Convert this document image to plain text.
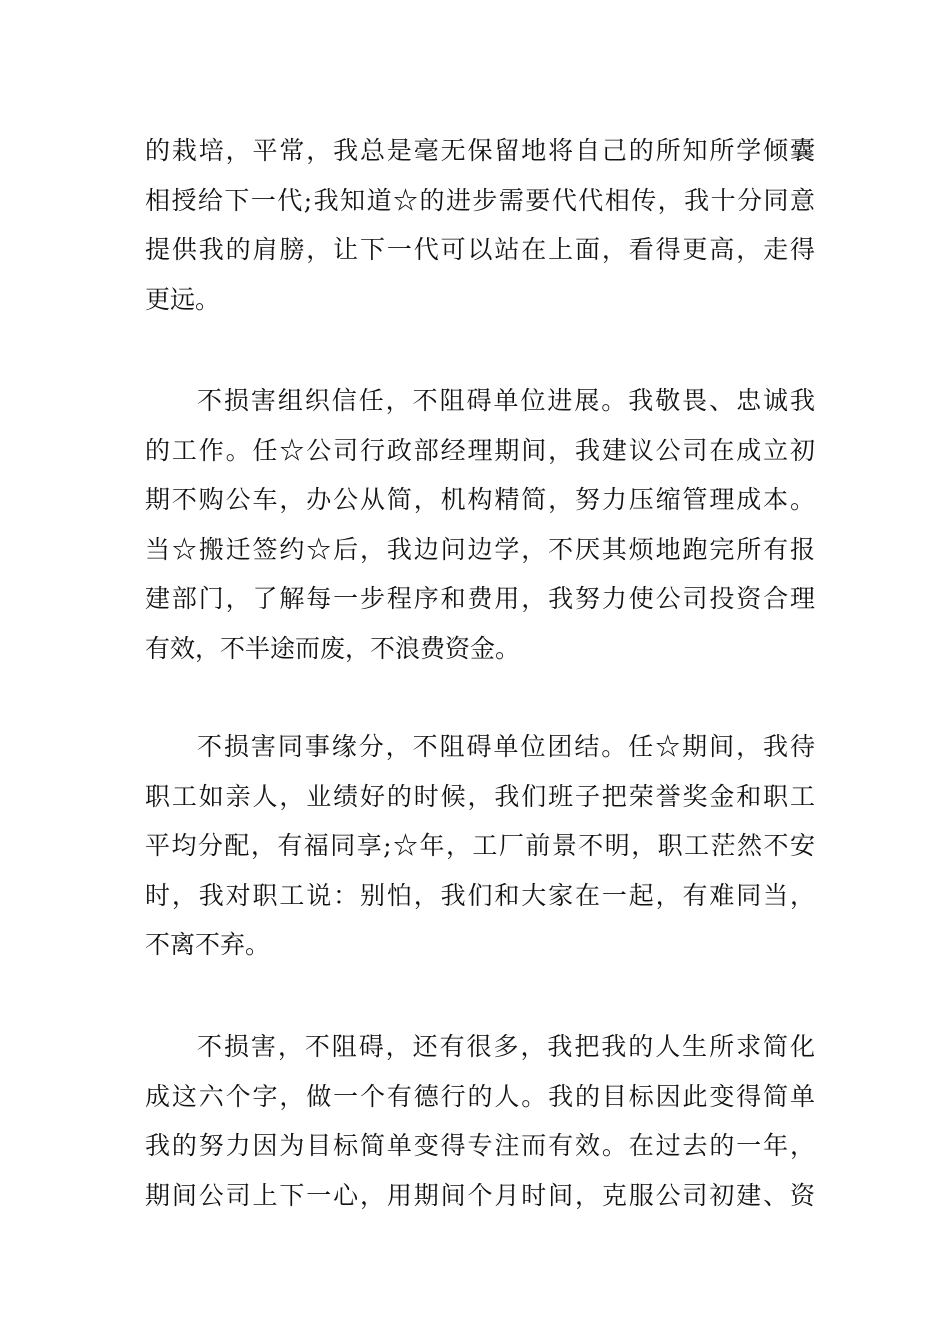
的栽培，平常，我总是毫无保留地将自己的所知所学倾囊
相授给下一代;我知道☆的进步需要代代相传，我十分同意
提供我的肩膀，让下一代可以站在上面，看得更高，走得
更远。
不损害组织信任，不阻碍单位进展。我敬畏、忠诚我
的工作。任☆公司行政部经理期间，我建议公司在成立初
期不购公车，办公从简，机构精简，努力压缩管理成本。
当☆搬迁签约☆后，我边问边学，不厌其烦地跑完所有报
建部门，了解每一步程序和费用，我努力使公司投资合理
有效，不半途而废，不浪费资金。
不损害同事缘分，不阻碍单位团结。任☆期间，我待
职工如亲人，业绩好的时候，我们班子把荣誉奖金和职工
平均分配，有福同享;☆年，工厂前景不明，职工茫然不安
时，我对职工说：别怕，我们和大家在一起，有难同当，
不离不弃。
不损害，不阻碍，还有很多，我把我的人生所求简化
成这六个字，做一个有德行的人。我的目标因此变得简单
我的努力因为目标简单变得专注而有效。在过去的一年，
期间公司上下一心，用期间个月时间，克服公司初建、资
